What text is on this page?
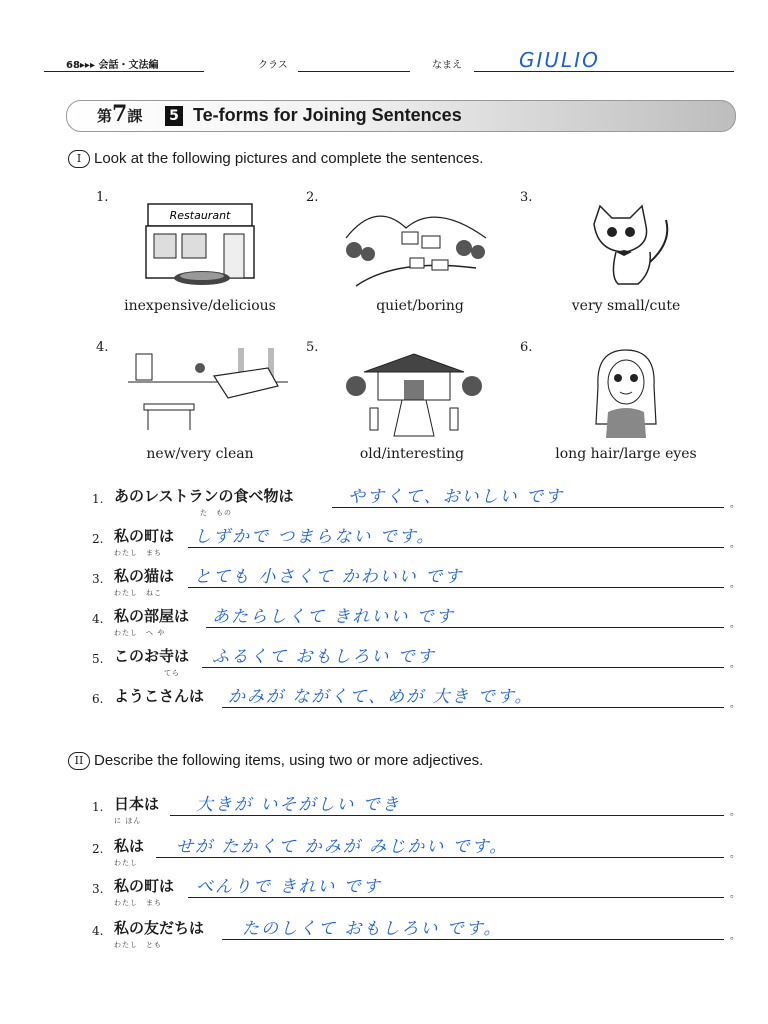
68▸▸▸ 会話・文法編	クラス	なまえ	GIULIO
第7課 5 Te-forms for Joining Sentences
I Look at the following pictures and complete the sentences.
1.
Restaurant
2.	3.
inexpensive/delicious	quiet/boring	very small/cute
4.	5.	6.
new/very clean	old/interesting	long hair/large eyes
1. あのレストランの食べ物は
た　もの
やすくて、おいしい です	。
2. 私の町は
わたし　まち
しずかで つまらない です。	。
3. 私の猫は
わたし　ねこ
とても 小さくて かわいい です	。
4. 私の部屋は
わたし　へ や
あたらしくて きれいい です	。
5. このお寺は
てら
ふるくて おもしろい です	。
6. ようこさんは かみが ながくて、めが 大き です。	。
II Describe the following items, using two or more adjectives.
1. 日本は
に ほん
大きが いそがしい でき	。
2. 私は
わたし
せが たかくて かみが みじかい です。	。
3. 私の町は
わたし　まち
べんりで きれい です	。
4. 私の友だちは
わたし　とも
たのしくて おもしろい です。	。
